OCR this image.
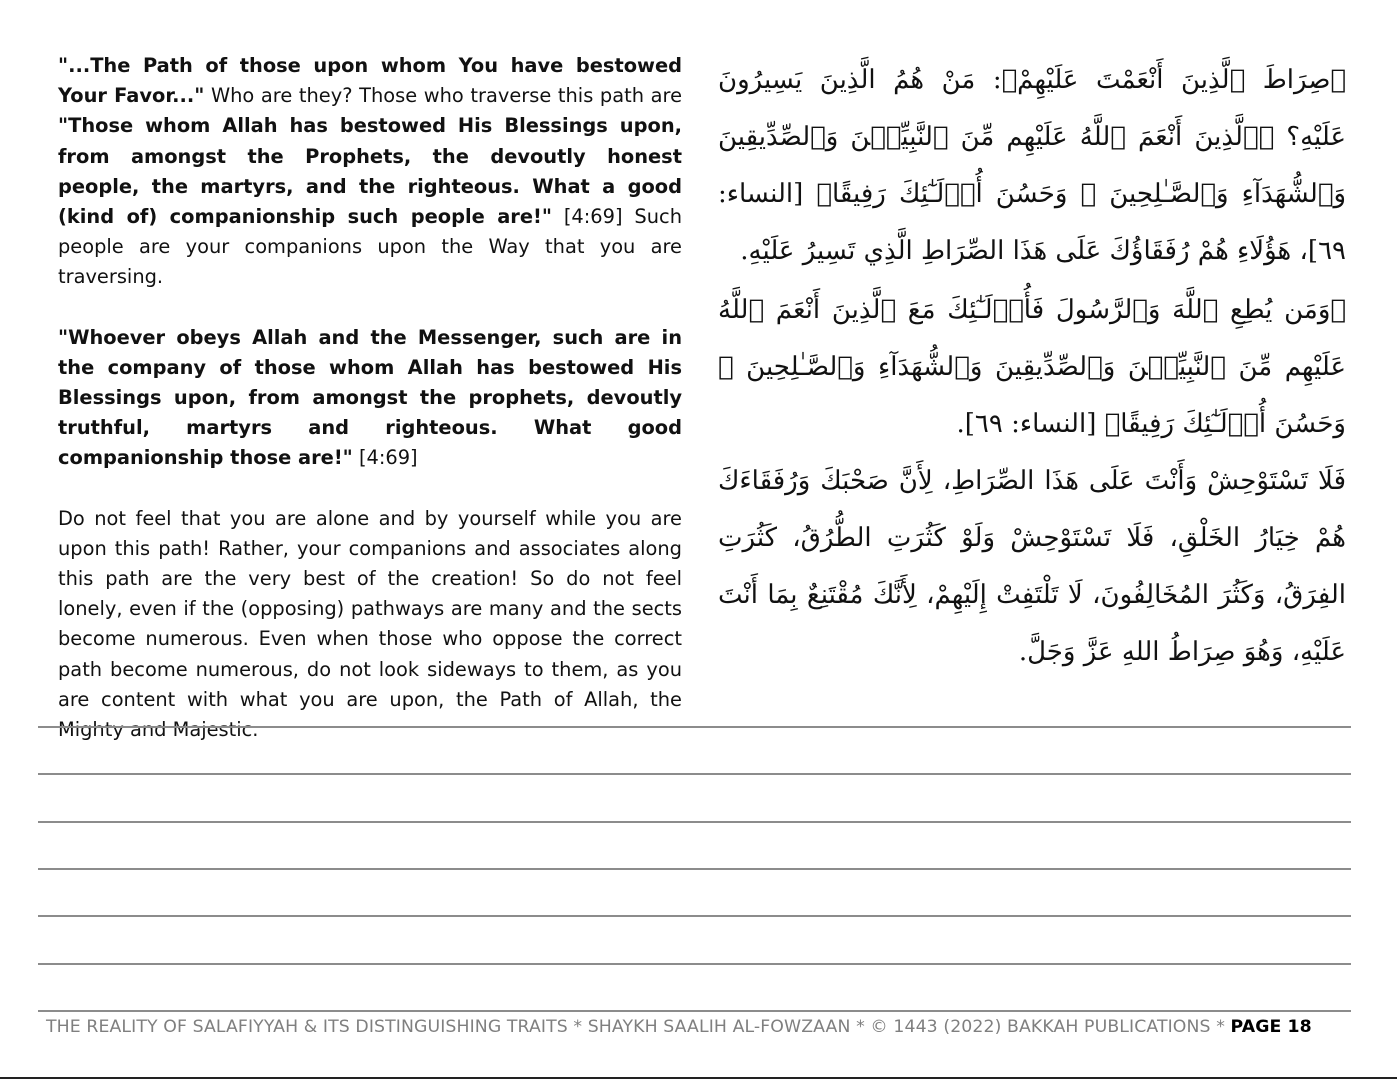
"...The Path of those upon whom You have bestowed Your Favor..." Who are they? Those who traverse this path are "Those whom Allah has bestowed His Blessings upon, from amongst the Prophets, the devoutly honest people, the martyrs, and the righteous. What a good (kind of) companionship such people are!" [4:69] Such people are your companions upon the Way that you are traversing.

"Whoever obeys Allah and the Messenger, such are in the company of those whom Allah has bestowed His Blessings upon, from amongst the prophets, devoutly truthful, martyrs and righteous. What good companionship those are!" [4:69]

Do not feel that you are alone and by yourself while you are upon this path! Rather, your companions and associates along this path are the very best of the creation! So do not feel lonely, even if the (opposing) pathways are many and the sects become numerous. Even when those who oppose the correct path become numerous, do not look sideways to them, as you are content with what you are upon, the Path of Allah, the Mighty and Majestic.

﴿صِرَاطَ ٱلَّذِينَ أَنْعَمْتَ عَلَيْهِمْ﴾: مَنْ هُمُ الَّذِينَ يَسِيرُونَ عَلَيْهِ؟ ﴿ٱلَّذِينَ أَنْعَمَ ٱللَّهُ عَلَيْهِم مِّنَ ٱلنَّبِيِّـۧنَ وَٱلصِّدِّيقِينَ وَٱلشُّهَدَآءِ وَٱلصَّـٰلِحِينَ ۚ وَحَسُنَ أُو۟لَـٰٓئِكَ رَفِيقًا﴾ [النساء: ٦٩]، هَؤُلَاءِ هُمْ رُفَقَاؤُكَ عَلَى هَذَا الصِّرَاطِ الَّذِي تَسِيرُ عَلَيْهِ.

﴿وَمَن يُطِعِ ٱللَّهَ وَٱلرَّسُولَ فَأُو۟لَـٰٓئِكَ مَعَ ٱلَّذِينَ أَنْعَمَ ٱللَّهُ عَلَيْهِم مِّنَ ٱلنَّبِيِّـۧنَ وَٱلصِّدِّيقِينَ وَٱلشُّهَدَآءِ وَٱلصَّـٰلِحِينَ ۚ وَحَسُنَ أُو۟لَـٰٓئِكَ رَفِيقًا﴾ [النساء: ٦٩].

فَلَا تَسْتَوْحِشْ وَأَنْتَ عَلَى هَذَا الصِّرَاطِ، لِأَنَّ صَحْبَكَ وَرُفَقَاءَكَ هُمْ خِيَارُ الخَلْقِ، فَلَا تَسْتَوْحِشْ وَلَوْ كَثُرَتِ الطُّرُقُ، كَثُرَتِ الفِرَقُ، وَكَثُرَ المُخَالِفُونَ، لَا تَلْتَفِتْ إِلَيْهِمْ، لِأَنَّكَ مُقْتَنِعٌ بِمَا أَنْتَ عَلَيْهِ، وَهُوَ صِرَاطُ اللهِ عَزَّ وَجَلَّ.

THE REALITY OF SALAFIYYAH & ITS DISTINGUISHING TRAITS * SHAYKH SAALIH AL-FOWZAAN * © 1443 (2022) BAKKAH PUBLICATIONS * PAGE 18
